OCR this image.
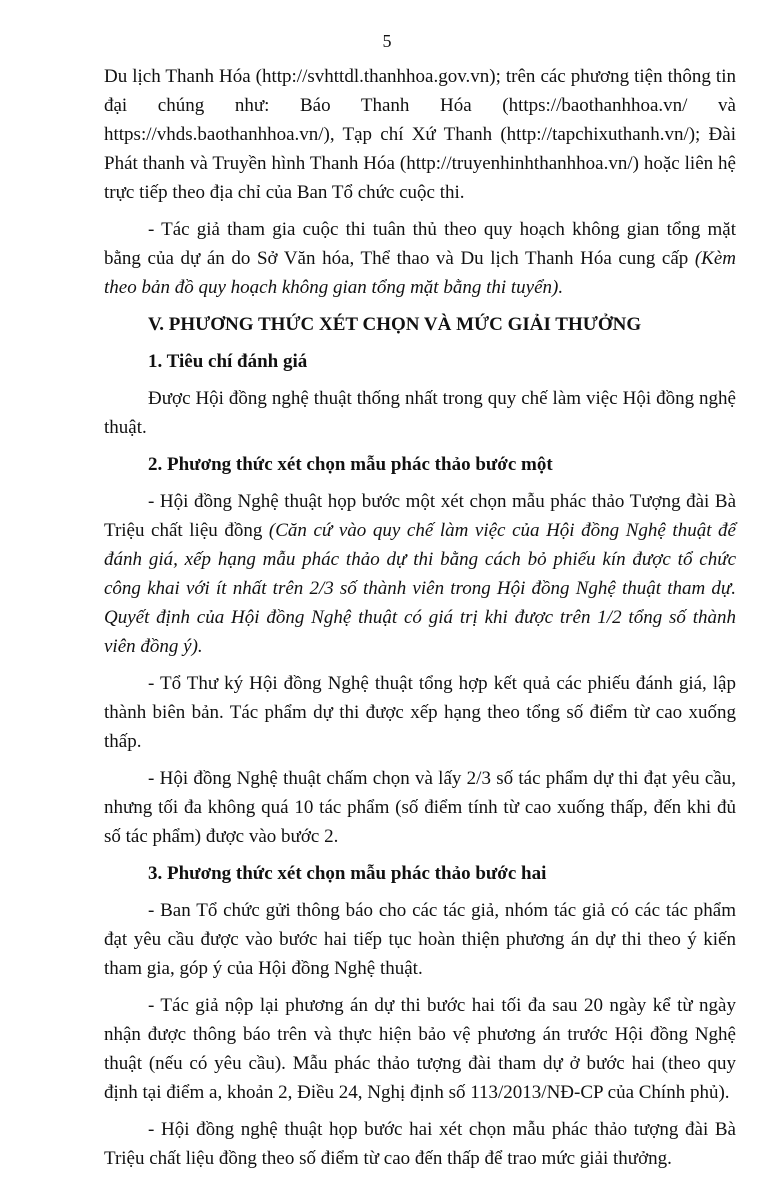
5

Du lịch Thanh Hóa (http://svhttdl.thanhhoa.gov.vn); trên các phương tiện thông tin đại chúng như: Báo Thanh Hóa (https://baothanhhoa.vn/ và https://vhds.baothanhhoa.vn/), Tạp chí Xứ Thanh (http://tapchixuthanh.vn/); Đài Phát thanh và Truyền hình Thanh Hóa (http://truyenhinhthanhhoa.vn/) hoặc liên hệ trực tiếp theo địa chỉ của Ban Tổ chức cuộc thi.

- Tác giả tham gia cuộc thi tuân thủ theo quy hoạch không gian tổng mặt bằng của dự án do Sở Văn hóa, Thể thao và Du lịch Thanh Hóa cung cấp (Kèm theo bản đồ quy hoạch không gian tổng mặt bằng thi tuyển).

V. PHƯƠNG THỨC XÉT CHỌN VÀ MỨC GIẢI THƯỞNG
1. Tiêu chí đánh giá

Được Hội đồng nghệ thuật thống nhất trong quy chế làm việc Hội đồng nghệ thuật.

2. Phương thức xét chọn mẫu phác thảo bước một

- Hội đồng Nghệ thuật họp bước một xét chọn mẫu phác thảo Tượng đài Bà Triệu chất liệu đồng (Căn cứ vào quy chế làm việc của Hội đồng Nghệ thuật để đánh giá, xếp hạng mẫu phác thảo dự thi bằng cách bỏ phiếu kín được tổ chức công khai với ít nhất trên 2/3 số thành viên trong Hội đồng Nghệ thuật tham dự. Quyết định của Hội đồng Nghệ thuật có giá trị khi được trên 1/2 tổng số thành viên đồng ý).

- Tổ Thư ký Hội đồng Nghệ thuật tổng hợp kết quả các phiếu đánh giá, lập thành biên bản. Tác phẩm dự thi được xếp hạng theo tổng số điểm từ cao xuống thấp.

- Hội đồng Nghệ thuật chấm chọn và lấy 2/3 số tác phẩm dự thi đạt yêu cầu, nhưng tối đa không quá 10 tác phẩm (số điểm tính từ cao xuống thấp, đến khi đủ số tác phẩm) được vào bước 2.

3. Phương thức xét chọn mẫu phác thảo bước hai

- Ban Tổ chức gửi thông báo cho các tác giả, nhóm tác giả có các tác phẩm đạt yêu cầu được vào bước hai tiếp tục hoàn thiện phương án dự thi theo ý kiến tham gia, góp ý của Hội đồng Nghệ thuật.

- Tác giả nộp lại phương án dự thi bước hai tối đa sau 20 ngày kể từ ngày nhận được thông báo trên và thực hiện bảo vệ phương án trước Hội đồng Nghệ thuật (nếu có yêu cầu). Mẫu phác thảo tượng đài tham dự ở bước hai (theo quy định tại điểm a, khoản 2, Điều 24, Nghị định số 113/2013/NĐ-CP của Chính phủ).

- Hội đồng nghệ thuật họp bước hai xét chọn mẫu phác thảo tượng đài Bà Triệu chất liệu đồng theo số điểm từ cao đến thấp để trao mức giải thưởng.
